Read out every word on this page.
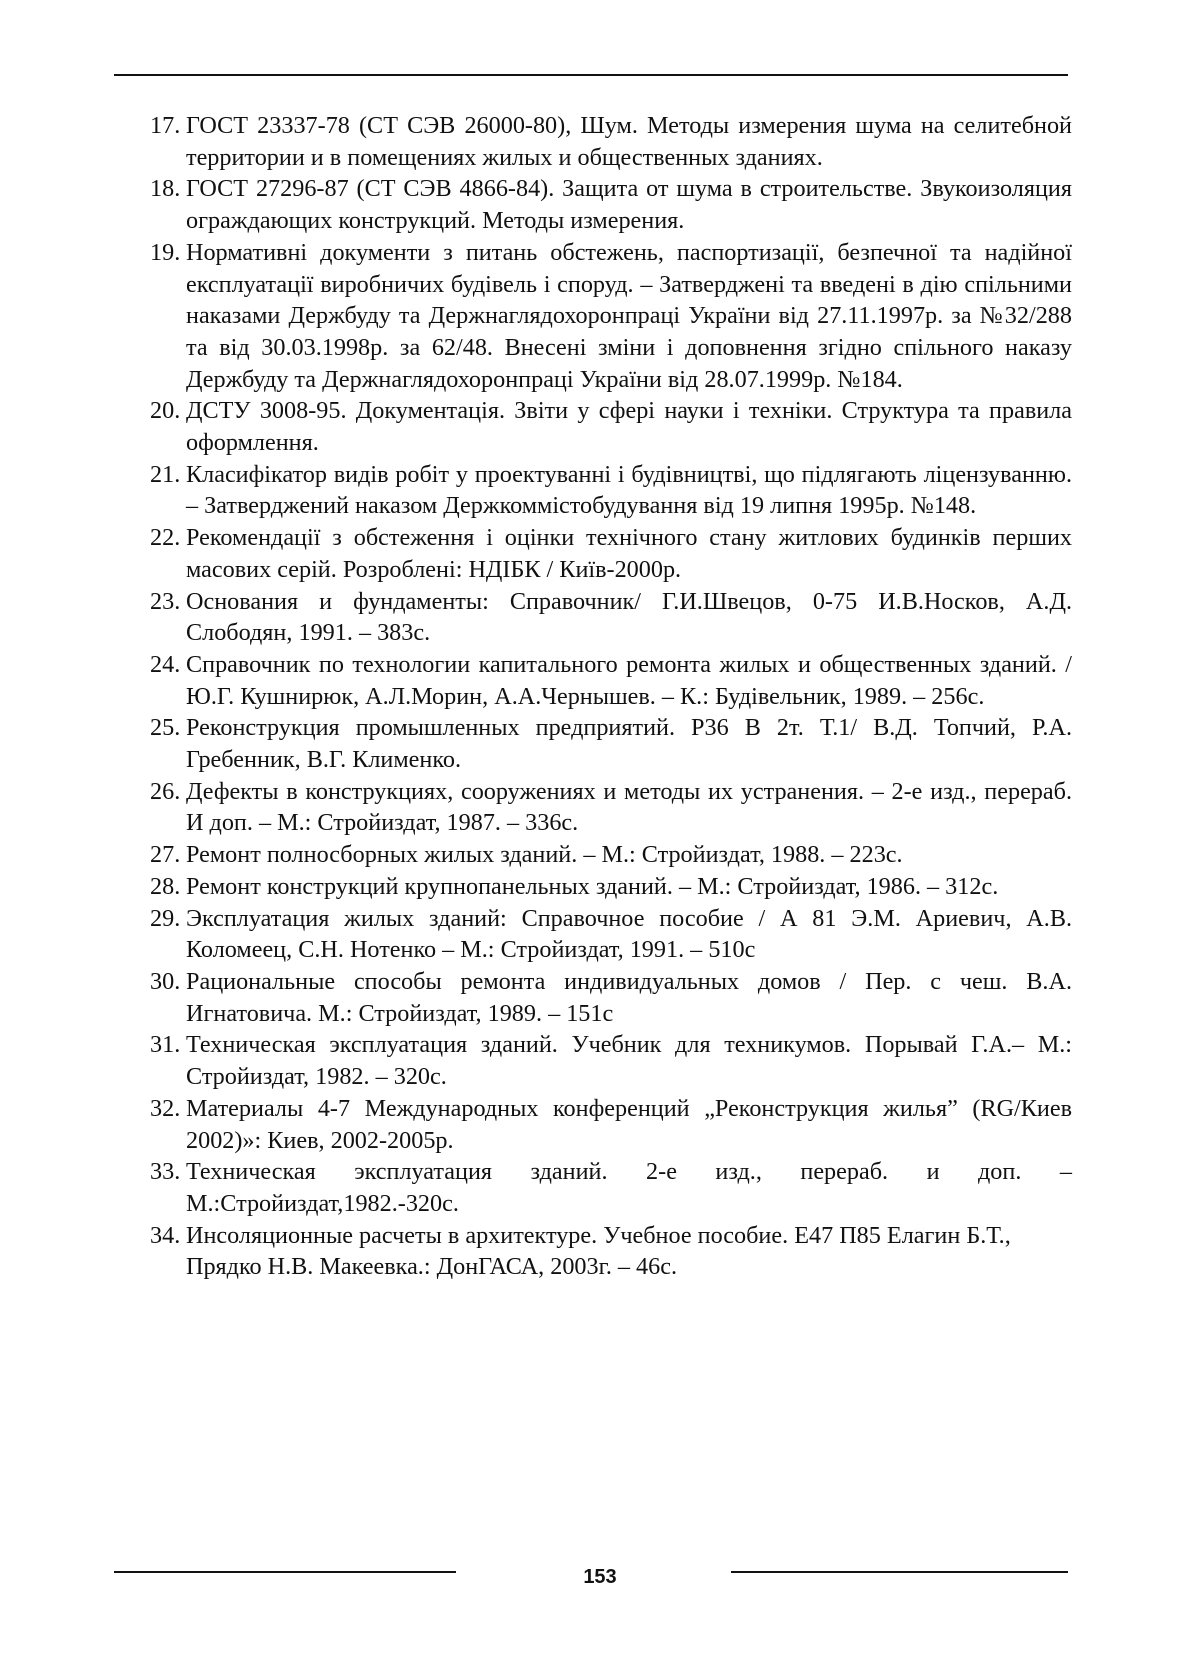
17. ГОСТ 23337-78 (СТ СЭВ 26000-80), Шум. Методы измерения шума на селитебной территории и в помещениях жилых и общественных зданиях.
18. ГОСТ 27296-87 (СТ СЭВ 4866-84). Защита от шума в строительстве. Звукоизоляция ограждающих конструкций. Методы измерения.
19. Нормативні документи з питань обстежень, паспортизації, безпечної та надійної експлуатації виробничих будівель і споруд. – Затверджені та введені в дію спільними наказами Держбуду та Держнаглядохоронпраці України від 27.11.1997р. за №32/288 та від 30.03.1998р. за 62/48. Внесені зміни і доповнення згідно спільного наказу Держбуду та Держнаглядохоронпраці України від 28.07.1999р. №184.
20. ДСТУ 3008-95. Документація. Звіти у сфері науки і техніки. Структура та правила оформлення.
21. Класифікатор видів робіт у проектуванні і будівництві, що підлягають ліцензуванню. – Затверджений наказом Держкоммістобудування від 19 липня 1995р. №148.
22. Рекомендації з обстеження і оцінки технічного стану житлових будинків перших масових серій. Розроблені: НДІБК / Київ-2000р.
23. Основания и фундаменты: Справочник/ Г.И.Швецов, 0-75 И.В.Носков, А.Д. Слободян, 1991. – 383с.
24. Справочник по технологии капитального ремонта жилых и общественных зданий. / Ю.Г. Кушнирюк, А.Л.Морин, А.А.Чернышев. – К.: Будівельник, 1989. – 256с.
25. Реконструкция промышленных предприятий. Р36 В 2т. Т.1/ В.Д. Топчий, Р.А. Гребенник, В.Г. Клименко.
26. Дефекты в конструкциях, сооружениях и методы их устранения. – 2-е изд., перераб. И доп. – М.: Стройиздат, 1987. – 336с.
27. Ремонт полносборных жилых зданий. – М.: Стройиздат, 1988. – 223с.
28. Ремонт конструкций крупнопанельных зданий. – М.: Стройиздат, 1986. – 312с.
29. Эксплуатация жилых зданий: Справочное пособие / А 81 Э.М. Ариевич, А.В. Коломеец, С.Н. Нотенко – М.: Стройиздат, 1991. – 510с
30. Рациональные способы ремонта индивидуальных домов / Пер. с чеш. В.А. Игнатовича. М.: Стройиздат, 1989. – 151с
31. Техническая эксплуатация зданий. Учебник для техникумов. Порывай Г.А.– М.: Стройиздат, 1982. – 320с.
32. Материалы 4-7 Международных конференций „Реконструкция жилья” (RG/Киев 2002)»: Киев, 2002-2005р.
33. Техническая эксплуатация зданий. 2-е изд., перераб. и доп. – М.:Стройиздат,1982.-320с.
34. Инсоляционные расчеты в архитектуре. Учебное пособие. Е47 П85 Елагин Б.Т., Прядко Н.В. Макеевка.: ДонГАСА, 2003г. – 46с.
153
